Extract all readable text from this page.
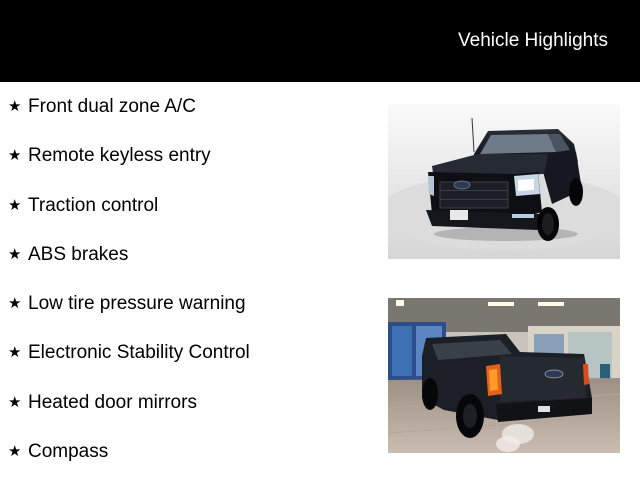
Vehicle Highlights
★ Front dual zone A/C
★ Remote keyless entry
★ Traction control
★ ABS brakes
★ Low tire pressure warning
★ Electronic Stability Control
★ Heated door mirrors
★ Compass
